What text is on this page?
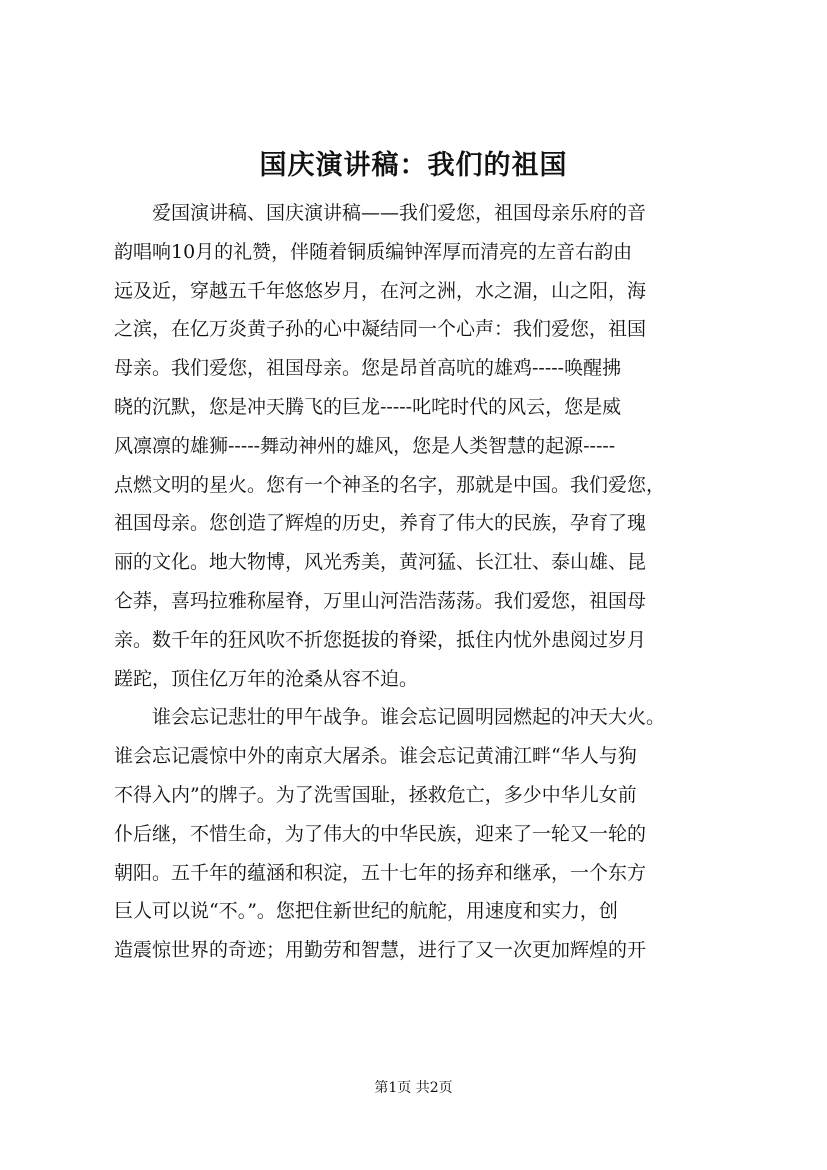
国庆演讲稿：我们的祖国
爱国演讲稿、国庆演讲稿——我们爱您，祖国母亲乐府的音
韵唱响10月的礼赞，伴随着铜质编钟浑厚而清亮的左音右韵由
远及近，穿越五千年悠悠岁月，在河之洲，水之湄，山之阳，海
之滨，在亿万炎黄子孙的心中凝结同一个心声：我们爱您，祖国
母亲。我们爱您，祖国母亲。您是昂首高吭的雄鸡-----唤醒拂
晓的沉默，您是冲天腾飞的巨龙-----叱咤时代的风云，您是威
风凛凛的雄狮-----舞动神州的雄风，您是人类智慧的起源-----
点燃文明的星火。您有一个神圣的名字，那就是中国。我们爱您，
祖国母亲。您创造了辉煌的历史，养育了伟大的民族，孕育了瑰
丽的文化。地大物博，风光秀美，黄河猛、长江壮、泰山雄、昆
仑莽，喜玛拉雅称屋脊，万里山河浩浩荡荡。我们爱您，祖国母
亲。数千年的狂风吹不折您挺拔的脊梁，抵住内忧外患阅过岁月
蹉跎，顶住亿万年的沧桑从容不迫。
谁会忘记悲壮的甲午战争。谁会忘记圆明园燃起的冲天大火。
谁会忘记震惊中外的南京大屠杀。谁会忘记黄浦江畔“华人与狗
不得入内”的牌子。为了洗雪国耻，拯救危亡，多少中华儿女前
仆后继，不惜生命，为了伟大的中华民族，迎来了一轮又一轮的
朝阳。五千年的蕴涵和积淀，五十七年的扬弃和继承，一个东方
巨人可以说“不。”。您把住新世纪的航舵，用速度和实力，创
造震惊世界的奇迹；用勤劳和智慧，进行了又一次更加辉煌的开
第1页 共2页
